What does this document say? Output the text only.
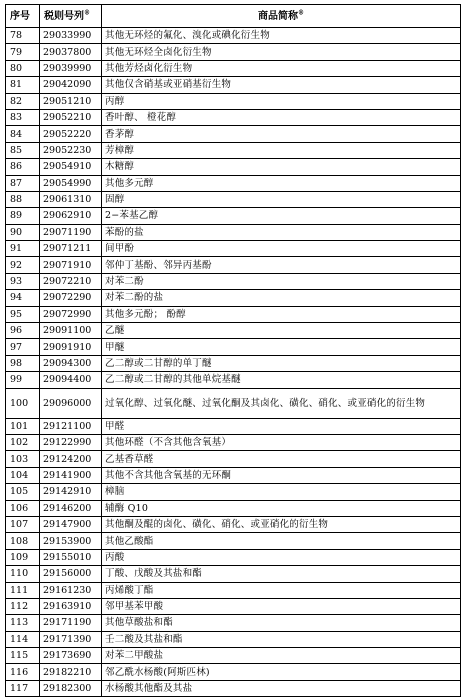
序号	税则号列®	商品简称®
78	29033990	其他无环烃的氟化、溴化或碘化衍生物
79	29037800	其他无环烃全卤化衍生物
80	29039990	其他芳烃卤化衍生物
81	29042090	其他仅含硝基或亚硝基衍生物
82	29051210	丙醇
83	29052210	香叶醇、 橙花醇
84	29052220	香茅醇
85	29052230	芳樟醇
86	29054910	木糖醇
87	29054990	其他多元醇
88	29061310	固醇
89	29062910	2−苯基乙醇
90	29071190	苯酚的盐
91	29071211	间甲酚
92	29071910	邻仲丁基酚、邻异丙基酚
93	29072210	对苯二酚
94	29072290	对苯二酚的盐
95	29072990	其他多元酚； 酚醇
96	29091100	乙醚
97	29091910	甲醚
98	29094300	乙二醇或二甘醇的单丁醚
99	29094400	乙二醇或二甘醇的其他单烷基醚
100	29096000	过氧化醇、过氧化醚、过氧化酮及其卤化、磺化、硝化、或亚硝化的衍生物
101	29121100	甲醛
102	29122990	其他环醛（不含其他含氧基）
103	29124200	乙基香草醛
104	29141900	其他不含其他含氧基的无环酮
105	29142910	樟脑
106	29146200	辅酶 Q10
107	29147900	其他酮及醌的卤化、磺化、硝化、或亚硝化的衍生物
108	29153900	其他乙酸酯
109	29155010	丙酸
110	29156000	丁酸、戊酸及其盐和酯
111	29161230	丙烯酸丁酯
112	29163910	邻甲基苯甲酸
113	29171190	其他草酸盐和酯
114	29171390	壬二酸及其盐和酯
115	29173690	对苯二甲酸盐
116	29182210	邻乙酰水杨酸(阿斯匹林)
117	29182300	水杨酸其他酯及其盐
